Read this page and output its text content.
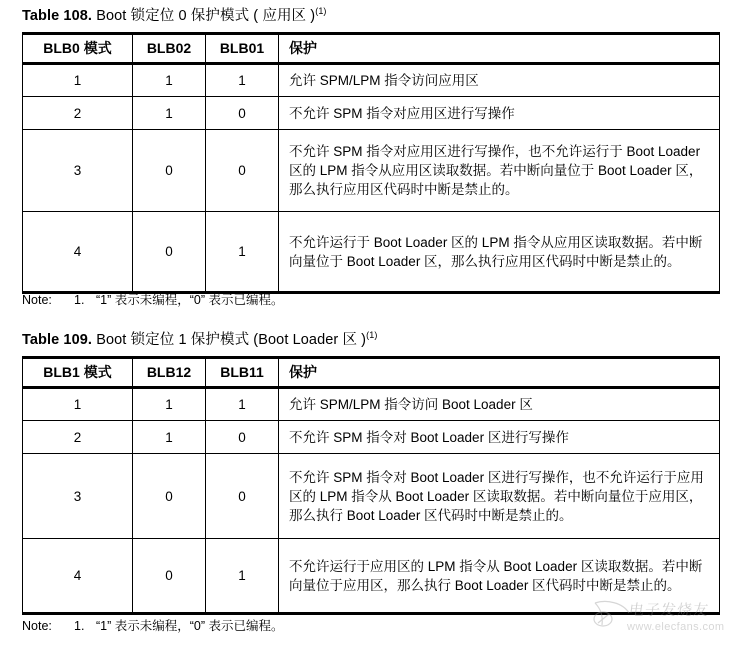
Table 108. Boot 锁定位 0 保护模式 ( 应用区 )$^{(1)}$
BLB0 模式	BLB02	BLB01	保护
1	1	1	允许 SPM/LPM 指令访问应用区
2	1	0	不允许 SPM 指令对应用区进行写操作
3	0	0	不允许 SPM 指令对应用区进行写操作，也不允许运行于 Boot Loader 区的 LPM 指令从应用区读取数据。若中断向量位于 Boot Loader 区，那么执行应用区代码时中断是禁止的。
4	0	1	不允许运行于 Boot Loader 区的 LPM 指令从应用区读取数据。若中断向量位于 Boot Loader 区，那么执行应用区代码时中断是禁止的。
Note: 1. “1” 表示未编程，“0” 表示已编程。
Table 109. Boot 锁定位 1 保护模式 (Boot Loader 区 )$^{(1)}$
BLB1 模式	BLB12	BLB11	保护
1	1	1	允许 SPM/LPM 指令访问 Boot Loader 区
2	1	0	不允许 SPM 指令对 Boot Loader 区进行写操作
3	0	0	不允许 SPM 指令对 Boot Loader 区进行写操作，也不允许运行于应用区的 LPM 指令从 Boot Loader 区读取数据。若中断向量位于应用区，那么执行 Boot Loader 区代码时中断是禁止的。
4	0	1	不允许运行于应用区的 LPM 指令从 Boot Loader 区读取数据。若中断向量位于应用区，那么执行 Boot Loader 区代码时中断是禁止的。
Note: 1. “1” 表示未编程，“0” 表示已编程。
电子发烧友
www.elecfans.com
